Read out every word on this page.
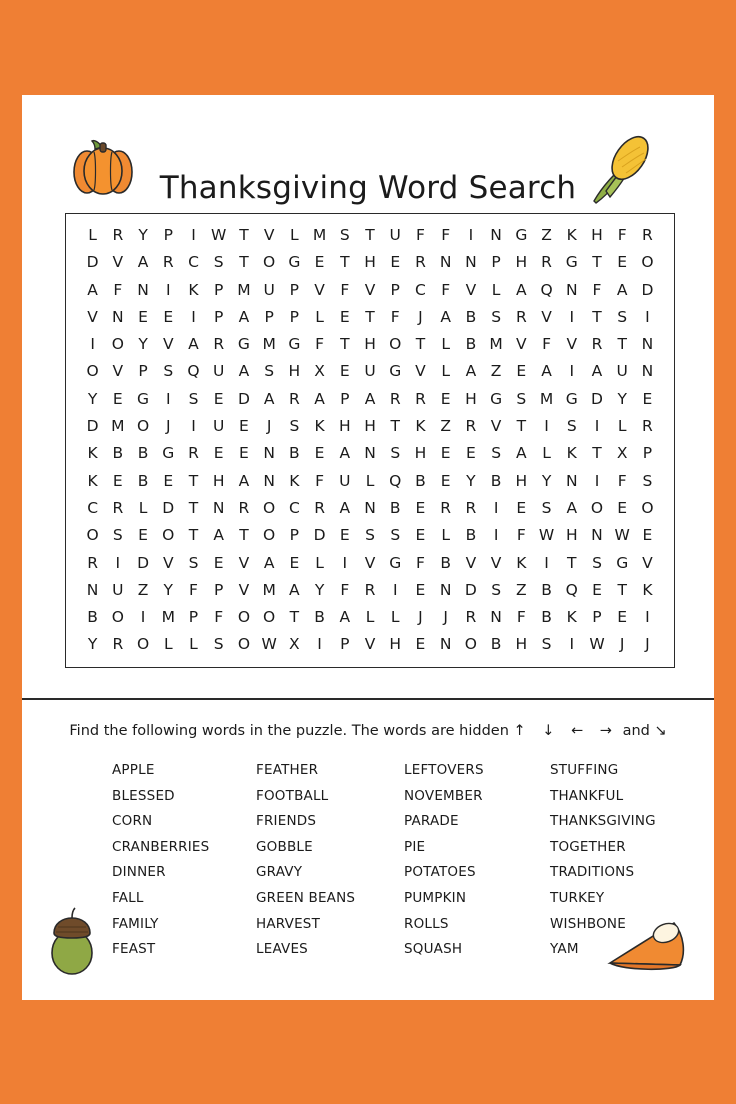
Thanksgiving Word Search
L	R Y	P	I W T V	L M S	T U F	F	I	N G Z K H F R
D V A R C S	T O G E	T H E R N N P H R G T	E O
A F N	I	K P M U P V F V P C F V	L	A Q N F A D
V N E E	I	P A P	P	L	E	T	F	J	A B S R V	I	T	S	I
I	O Y V A R G M G F	T H O T	L	B M V F V R T N
O V P	S Q U A S H X E U G V	L	A Z E A	I	A U N
Y	E G	I	S E D A R A P A R R E H G S M G D Y	E
D M O	J	I	U E	J	S K H H T K Z R V T	I	S	I	L	R
K B B G R E E N B E A N S H E E S A	L	K T X P
K E B E	T H A N K	F U L Q B E	Y B H Y N	I	F	S
C R	L D T N R O C R A N B E R R	I	E S A O E O
O S E O T A T O P D E S S E	L	B	I	F W H N W E
R	I	D V S E V A E	L	I	V G F B V V K	I	T	S G V
N U Z Y	F	P V M A Y	F R	I	E N D S Z B Q E	T K
B O	I	M P	F O O T B A	L	L	J	J	R N F B K P	E	I
Y R O L	L	S O W X	I	P V H E N O B H S	I W J	J
Find the following words in the puzzle. The words are hidden ↑ ↓ ← → and ↘
APPLE
BLESSED
CORN
CRANBERRIES
DINNER
FALL
FAMILY
FEAST
FEATHER
FOOTBALL
FRIENDS
GOBBLE
GRAVY
GREEN BEANS
HARVEST
LEAVES
LEFTOVERS
NOVEMBER
PARADE
PIE
POTATOES
PUMPKIN
ROLLS
SQUASH
STUFFING
THANKFUL
THANKSGIVING
TOGETHER
TRADITIONS
TURKEY
WISHBONE
YAM
